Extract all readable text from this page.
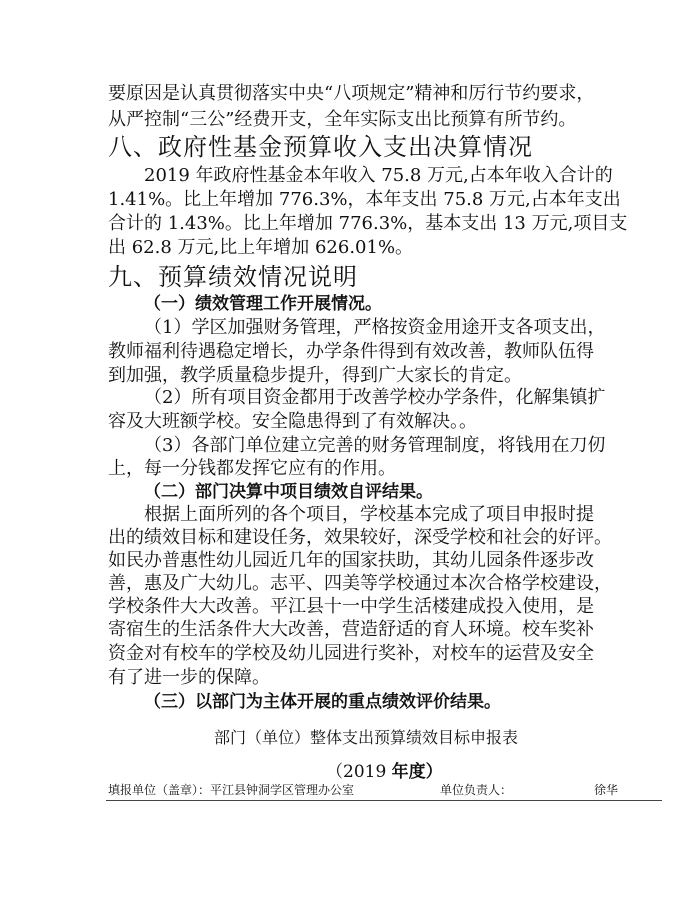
要原因是认真贯彻落实中央“八项规定”精神和厉行节约要求，
从严控制“三公”经费开支，全年实际支出比预算有所节约。
八、政府性基金预算收入支出决算情况
2019 年政府性基金本年收入 75.8 万元,占本年收入合计的
1.41%。比上年增加 776.3%，本年支出 75.8 万元,占本年支出
合计的 1.43%。比上年增加 776.3%，基本支出 13 万元,项目支
出 62.8 万元,比上年增加 626.01%。
九、预算绩效情况说明
（一）绩效管理工作开展情况。
（1）学区加强财务管理，严格按资金用途开支各项支出，
教师福利待遇稳定增长，办学条件得到有效改善，教师队伍得
到加强，教学质量稳步提升，得到广大家长的肯定。
（2）所有项目资金都用于改善学校办学条件，化解集镇扩
容及大班额学校。安全隐患得到了有效解决。。
（3）各部门单位建立完善的财务管理制度，将钱用在刀仞
上，每一分钱都发挥它应有的作用。
（二）部门决算中项目绩效自评结果。
根据上面所列的各个项目，学校基本完成了项目申报时提
出的绩效目标和建设任务，效果较好，深受学校和社会的好评。
如民办普惠性幼儿园近几年的国家扶助，其幼儿园条件逐步改
善，惠及广大幼儿。志平、四美等学校通过本次合格学校建设，
学校条件大大改善。平江县十一中学生活楼建成投入使用，是
寄宿生的生活条件大大改善，营造舒适的育人环境。校车奖补
资金对有校车的学校及幼儿园进行奖补，对校车的运营及安全
有了进一步的保障。
（三）以部门为主体开展的重点绩效评价结果。
部门（单位）整体支出预算绩效目标申报表
（2019 年度）
填报单位（盖章）：平江县钟洞学区管理办公室	单位负责人：	徐华
